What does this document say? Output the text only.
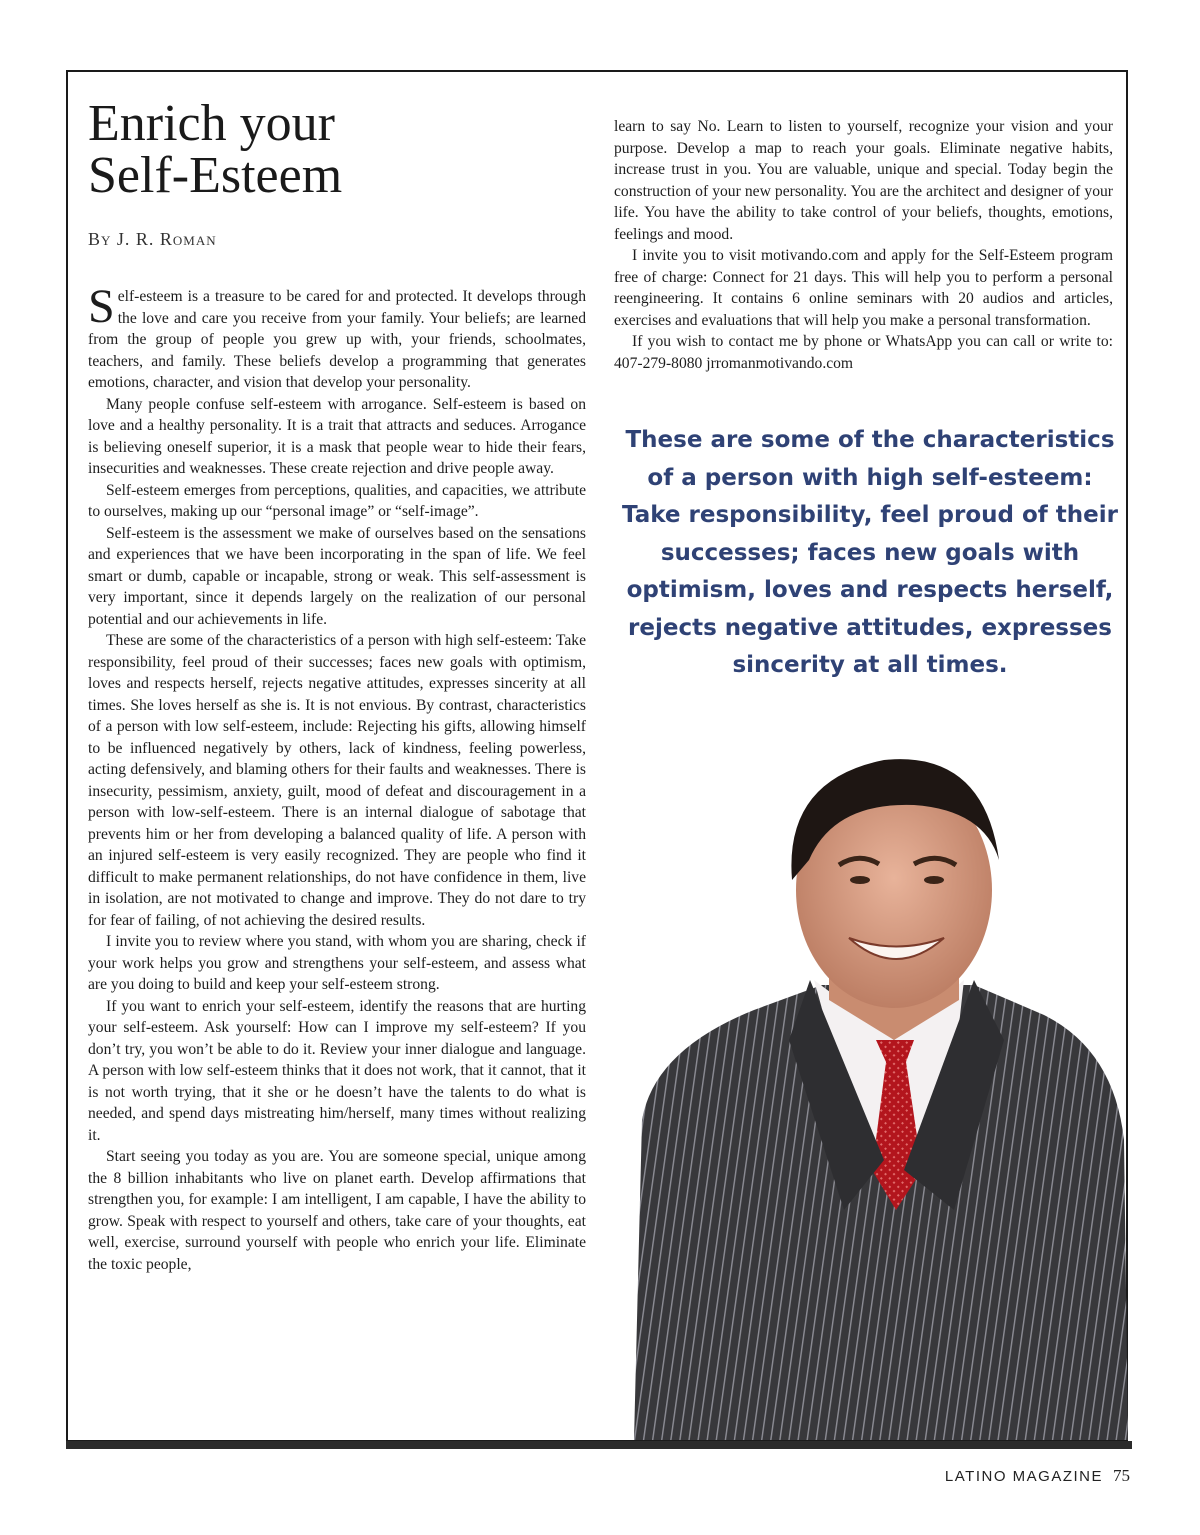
Enrich your
Self-Esteem
By J. R. Roman

Self-esteem is a treasure to be cared for and protected. It develops through the love and care you receive from your family. Your beliefs; are learned from the group of people you grew up with, your friends, schoolmates, teachers, and family. These beliefs develop a programming that generates emotions, character, and vision that develop your personality.

Many people confuse self-esteem with arrogance. Self-esteem is based on love and a healthy personality. It is a trait that attracts and seduces. Arrogance is believing oneself superior, it is a mask that people wear to hide their fears, insecurities and weaknesses. These create rejection and drive people away.

Self-esteem emerges from perceptions, qualities, and capacities, we attribute to ourselves, making up our “personal image” or “self-image”.

Self-esteem is the assessment we make of ourselves based on the sensations and experiences that we have been incorporating in the span of life. We feel smart or dumb, capable or incapable, strong or weak. This self-assessment is very important, since it depends largely on the realization of our personal potential and our achievements in life.

These are some of the characteristics of a person with high self-esteem: Take responsibility, feel proud of their successes; faces new goals with optimism, loves and respects herself, rejects negative attitudes, expresses sincerity at all times. She loves herself as she is. It is not envious. By contrast, characteristics of a person with low self-esteem, include: Rejecting his gifts, allowing himself to be influenced negatively by others, lack of kindness, feeling powerless, acting defensively, and blaming others for their faults and weaknesses. There is insecurity, pessimism, anxiety, guilt, mood of defeat and discouragement in a person with low-self-esteem. There is an internal dialogue of sabotage that prevents him or her from developing a balanced quality of life. A person with an injured self-esteem is very easily recognized. They are people who find it difficult to make permanent relationships, do not have confidence in them, live in isolation, are not motivated to change and improve. They do not dare to try for fear of failing, of not achieving the desired results.

I invite you to review where you stand, with whom you are sharing, check if your work helps you grow and strengthens your self-esteem, and assess what are you doing to build and keep your self-esteem strong.

If you want to enrich your self-esteem, identify the reasons that are hurting your self-esteem. Ask yourself: How can I improve my self-esteem? If you don’t try, you won’t be able to do it. Review your inner dialogue and language. A person with low self-esteem thinks that it does not work, that it cannot, that it is not worth trying, that it she or he doesn’t have the talents to do what is needed, and spend days mistreating him/herself, many times without realizing it.

Start seeing you today as you are. You are someone special, unique among the 8 billion inhabitants who live on planet earth. Develop affirmations that strengthen you, for example: I am intelligent, I am capable, I have the ability to grow. Speak with respect to yourself and others, take care of your thoughts, eat well, exercise, surround yourself with people who enrich your life. Eliminate the toxic people,

learn to say No. Learn to listen to yourself, recognize your vision and your purpose. Develop a map to reach your goals. Eliminate negative habits, increase trust in you. You are valuable, unique and special. Today begin the construction of your new personality. You are the architect and designer of your life. You have the ability to take control of your beliefs, thoughts, emotions, feelings and mood.

I invite you to visit motivando.com and apply for the Self-Esteem program free of charge: Connect for 21 days. This will help you to perform a personal reengineering. It contains 6 online seminars with 20 audios and articles, exercises and evaluations that will help you make a personal transformation.

If you wish to contact me by phone or WhatsApp you can call or write to: 407-279-8080 jrromanmotivando.com

These are some of the characteristics of a person with high self-esteem: Take responsibility, feel proud of their successes; faces new goals with optimism, loves and respects herself, rejects negative attitudes, expresses sincerity at all times.
LATINO MAGAZINE 75
